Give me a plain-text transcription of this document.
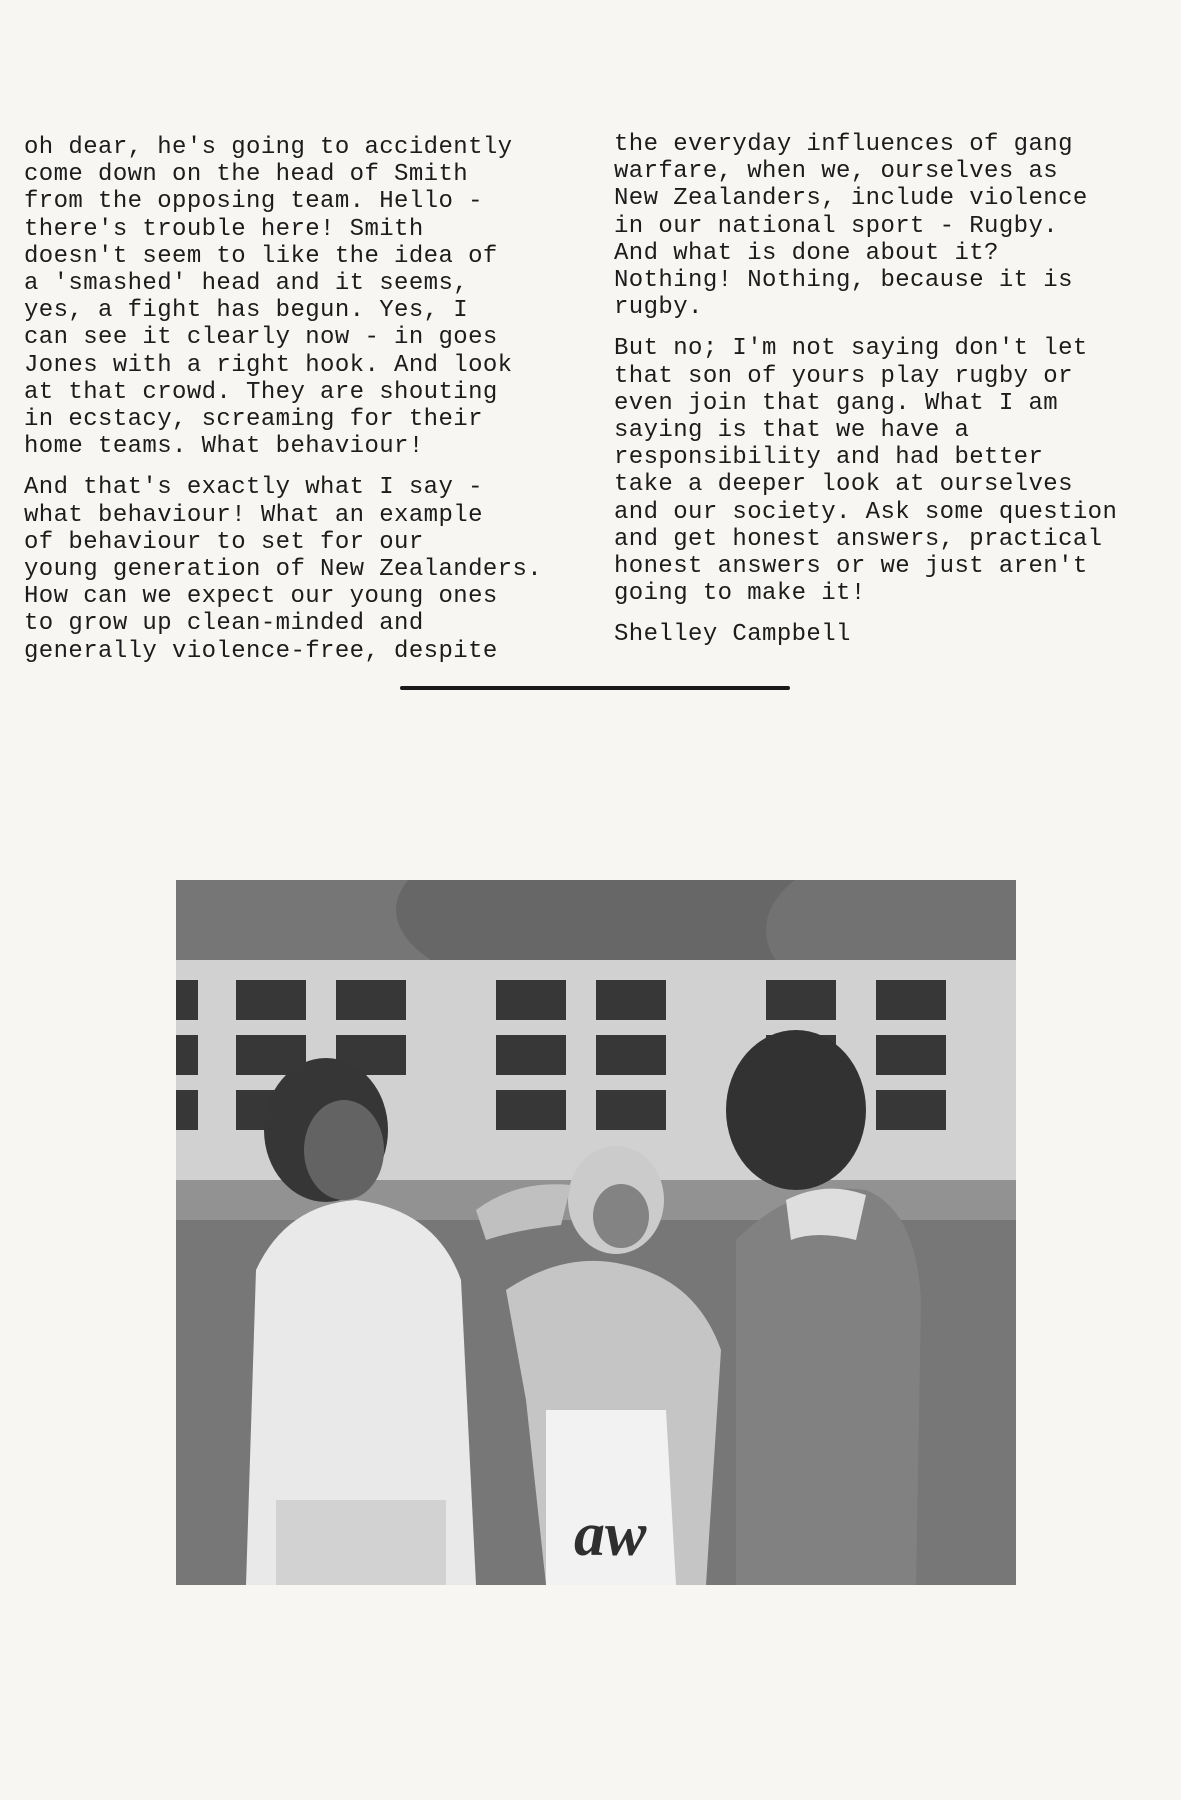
oh dear, he's going to accidently
come down on the head of Smith
from the opposing team. Hello -
there's trouble here! Smith
doesn't seem to like the idea of
a 'smashed' head and it seems,
yes, a fight has begun. Yes, I
can see it clearly now - in goes
Jones with a right hook. And look
at that crowd. They are shouting
in ecstacy, screaming for their
home teams. What behaviour!

And that's exactly what I say -
what behaviour! What an example
of behaviour to set for our
young generation of New Zealanders.
How can we expect our young ones
to grow up clean-minded and
generally violence-free, despite

the everyday influences of gang
warfare, when we, ourselves as
New Zealanders, include violence
in our national sport - Rugby.
And what is done about it?
Nothing! Nothing, because it is
rugby.

But no; I'm not saying don't let
that son of yours play rugby or
even join that gang. What I am
saying is that we have a
responsibility and had better
take a deeper look at ourselves
and our society. Ask some question
and get honest answers, practical
honest answers or we just aren't
going to make it!

Shelley Campbell

aw
